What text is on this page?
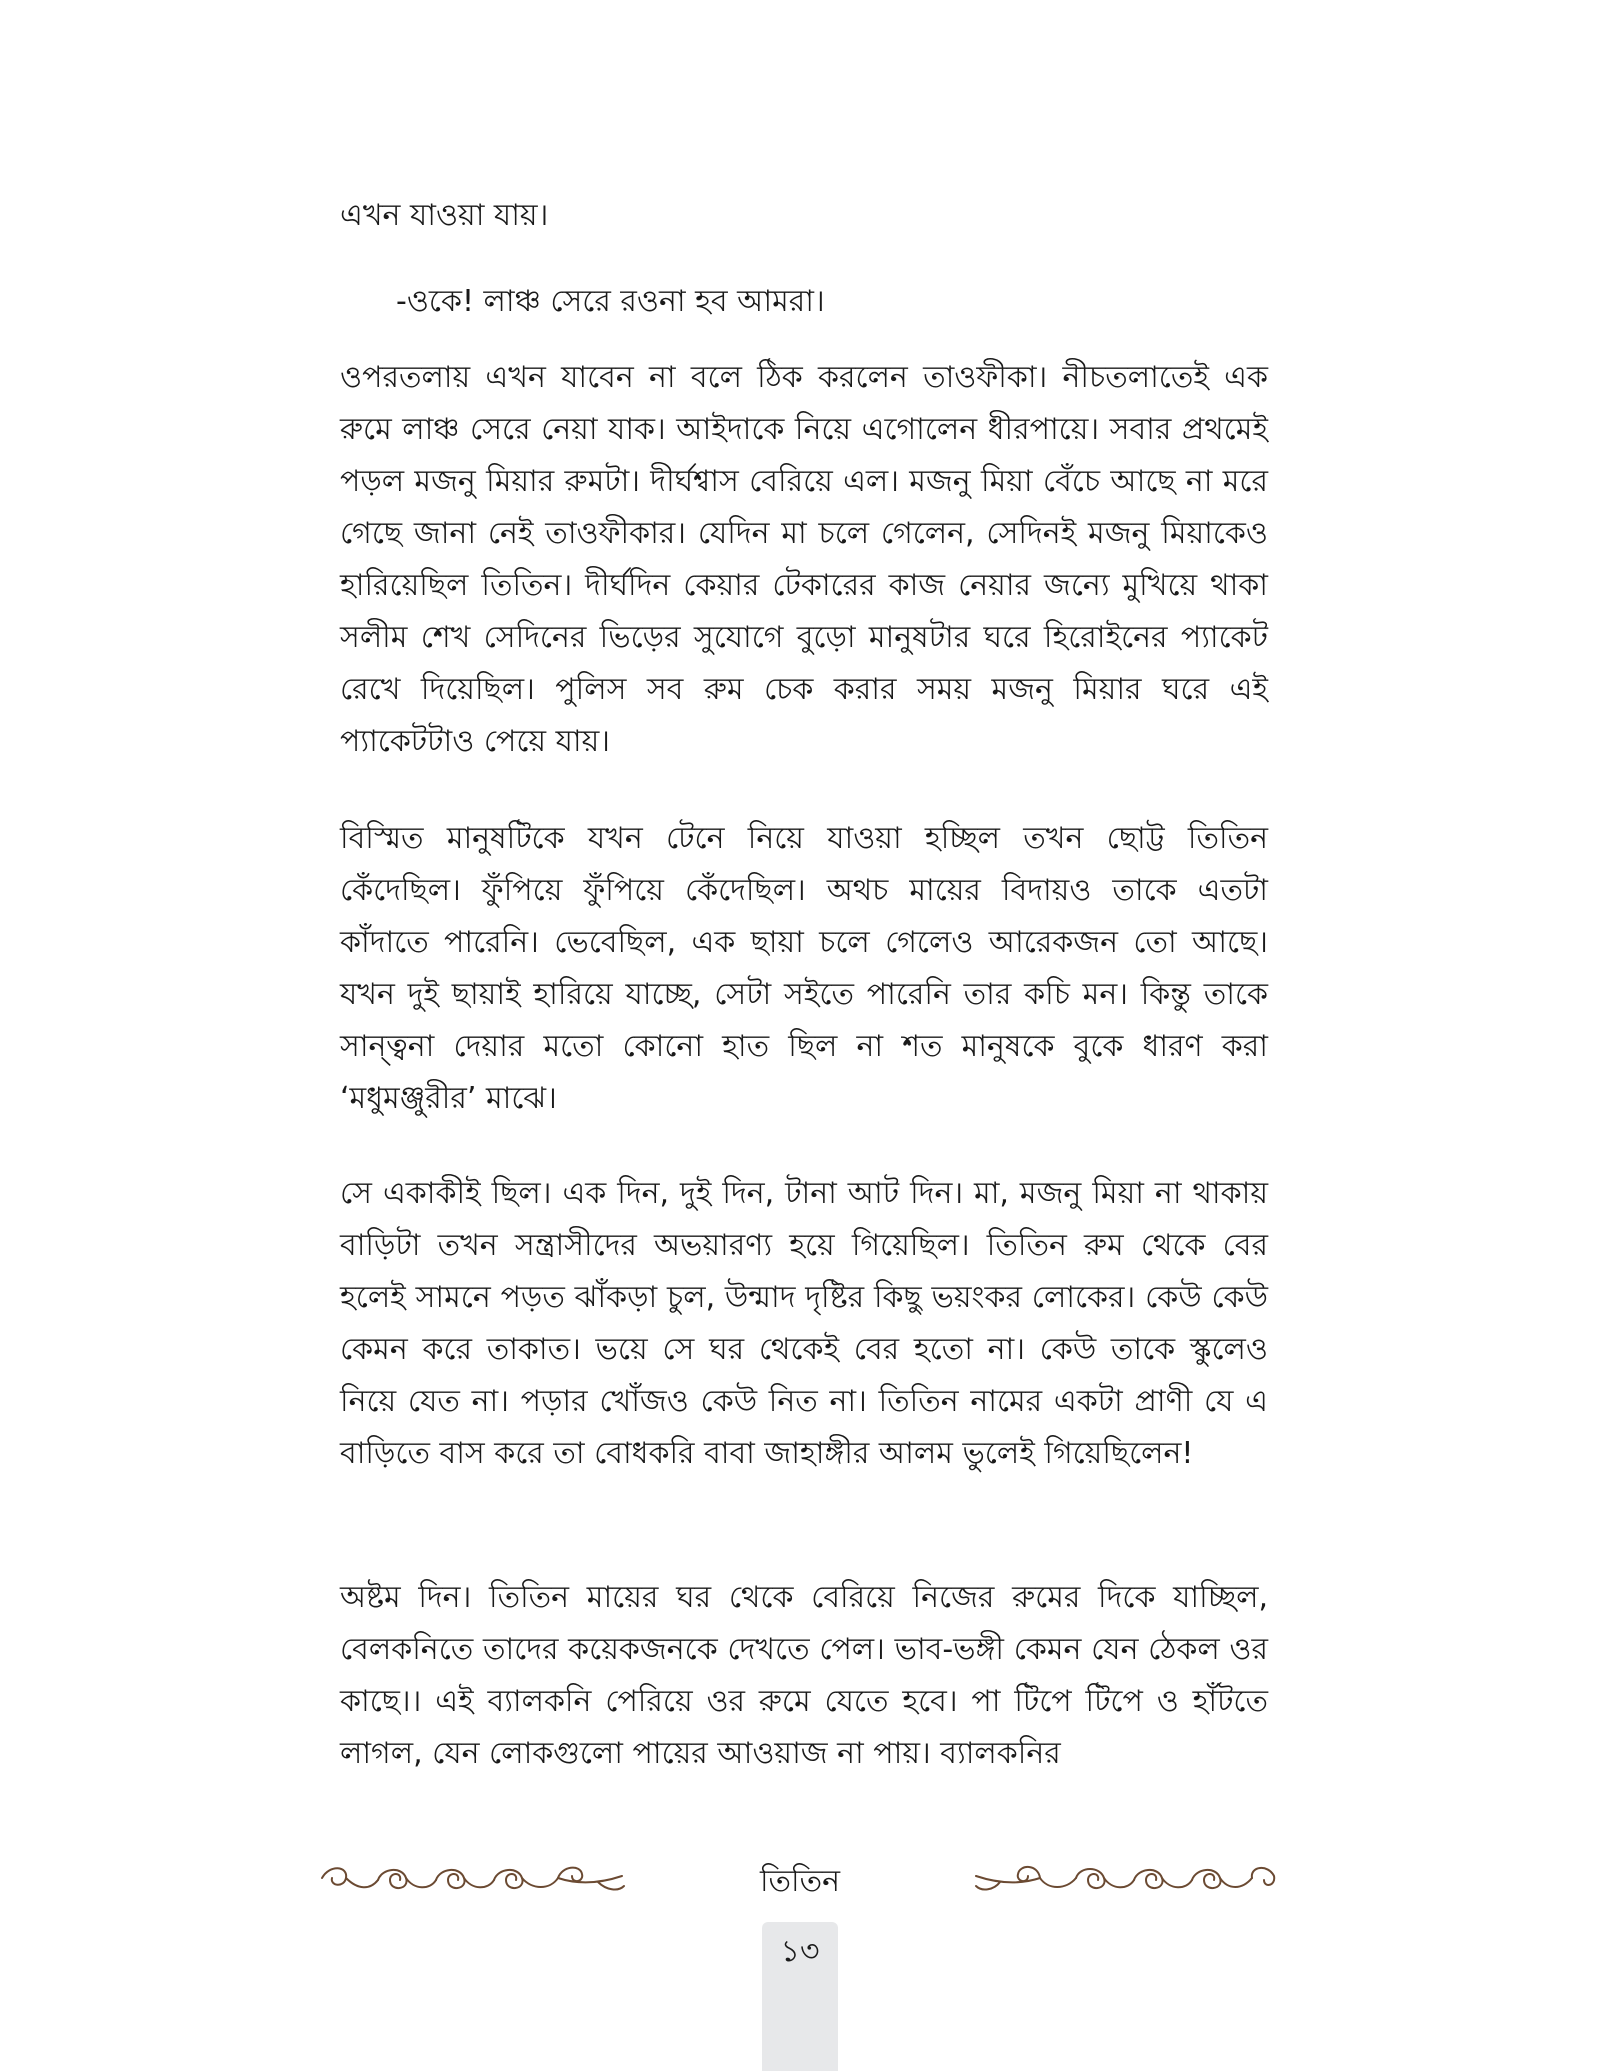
এখন যাওয়া যায়।
-ওকে! লাঞ্চ সেরে রওনা হব আমরা।
ওপরতলায় এখন যাবেন না বলে ঠিক করলেন তাওফীকা। নীচতলাতেই এক রুমে লাঞ্চ সেরে নেয়া যাক। আইদাকে নিয়ে এগোলেন ধীরপায়ে। সবার প্রথমেই পড়ল মজনু মিয়ার রুমটা। দীর্ঘশ্বাস বেরিয়ে এল। মজনু মিয়া বেঁচে আছে না মরে গেছে জানা নেই তাওফীকার। যেদিন মা চলে গেলেন, সেদিনই মজনু মিয়াকেও হারিয়েছিল তিতিন। দীর্ঘদিন কেয়ার টেকারের কাজ নেয়ার জন্যে মুখিয়ে থাকা সলীম শেখ সেদিনের ভিড়ের সুযোগে বুড়ো মানুষটার ঘরে হিরোইনের প্যাকেট রেখে দিয়েছিল। পুলিস সব রুম চেক করার সময় মজনু মিয়ার ঘরে এই প্যাকেটটাও পেয়ে যায়।
বিস্মিত মানুষটিকে যখন টেনে নিয়ে যাওয়া হচ্ছিল তখন ছোট্ট তিতিন কেঁদেছিল। ফুঁপিয়ে ফুঁপিয়ে কেঁদেছিল। অথচ মায়ের বিদায়ও তাকে এতটা কাঁদাতে পারেনি। ভেবেছিল, এক ছায়া চলে গেলেও আরেকজন তো আছে। যখন দুই ছায়াই হারিয়ে যাচ্ছে, সেটা সইতে পারেনি তার কচি মন। কিন্তু তাকে সান্ত্বনা দেয়ার মতো কোনো হাত ছিল না শত মানুষকে বুকে ধারণ করা ‘মধুমঞ্জুরীর’ মাঝে।
সে একাকীই ছিল। এক দিন, দুই দিন, টানা আট দিন। মা, মজনু মিয়া না থাকায় বাড়িটা তখন সন্ত্রাসীদের অভয়ারণ্য হয়ে গিয়েছিল। তিতিন রুম থেকে বের হলেই সামনে পড়ত ঝাঁকড়া চুল, উন্মাদ দৃষ্টির কিছু ভয়ংকর লোকের। কেউ কেউ কেমন করে তাকাত। ভয়ে সে ঘর থেকেই বের হতো না। কেউ তাকে স্কুলেও নিয়ে যেত না। পড়ার খোঁজও কেউ নিত না। তিতিন নামের একটা প্রাণী যে এ বাড়িতে বাস করে তা বোধকরি বাবা জাহাঙ্গীর আলম ভুলেই গিয়েছিলেন!
অষ্টম দিন। তিতিন মায়ের ঘর থেকে বেরিয়ে নিজের রুমের দিকে যাচ্ছিল, বেলকনিতে তাদের কয়েকজনকে দেখতে পেল। ভাব-ভঙ্গী কেমন যেন ঠেকল ওর কাছে।। এই ব্যালকনি পেরিয়ে ওর রুমে যেতে হবে। পা টিপে টিপে ও হাঁটতে লাগল, যেন লোকগুলো পায়ের আওয়াজ না পায়। ব্যালকনির
তিতিন
১৩
